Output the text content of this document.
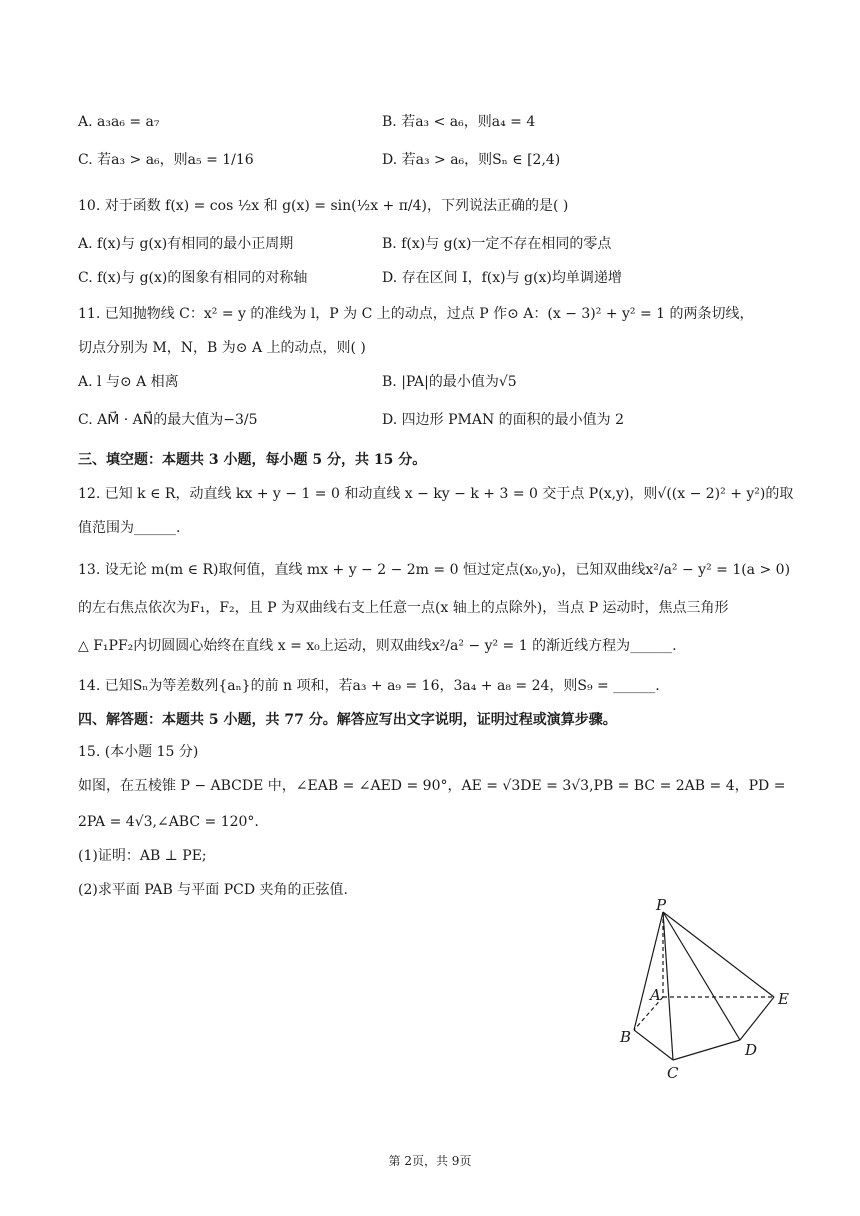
A. a₃a₆ = a₇	B. 若a₃ < a₆，则a₄ = 4
C. 若a₃ > a₆，则a₅ = 1/16	D. 若a₃ > a₆，则Sₙ ∈ [2,4)
10. 对于函数 f(x) = cos ½x 和 g(x) = sin(½x + π/4)，下列说法正确的是( )
A. f(x)与 g(x)有相同的最小正周期	B. f(x)与 g(x)一定不存在相同的零点
C. f(x)与 g(x)的图象有相同的对称轴	D. 存在区间 I，f(x)与 g(x)均单调递增
11. 已知抛物线 C：x² = y 的准线为 l，P 为 C 上的动点，过点 P 作⊙ A：(x − 3)² + y² = 1 的两条切线，
切点分别为 M，N，B 为⊙ A 上的动点，则( )
A. l 与⊙ A 相离	B. |PA|的最小值为√5
C. AM⃗ · AN⃗的最大值为−3/5	D. 四边形 PMAN 的面积的最小值为 2
三、填空题：本题共 3 小题，每小题 5 分，共 15 分。
12. 已知 k ∈ R，动直线 kx + y − 1 = 0 和动直线 x − ky − k + 3 = 0 交于点 P(x,y)，则√((x − 2)² + y²)的取
值范围为______.
13. 设无论 m(m ∈ R)取何值，直线 mx + y − 2 − 2m = 0 恒过定点(x₀,y₀)，已知双曲线x²/a² − y² = 1(a > 0)
的左右焦点依次为F₁，F₂，且 P 为双曲线右支上任意一点(x 轴上的点除外)，当点 P 运动时，焦点三角形
△ F₁PF₂内切圆圆心始终在直线 x = x₀上运动，则双曲线x²/a² − y² = 1 的渐近线方程为______.
14. 已知Sₙ为等差数列{aₙ}的前 n 项和，若a₃ + a₉ = 16，3a₄ + a₈ = 24，则S₉ = ______.
四、解答题：本题共 5 小题，共 77 分。解答应写出文字说明，证明过程或演算步骤。
15. (本小题 15 分)
如图，在五棱锥 P − ABCDE 中，∠EAB = ∠AED = 90°，AE = √3DE = 3√3,PB = BC = 2AB = 4，PD =
2PA = 4√3,∠ABC = 120°.
(1)证明：AB ⊥ PE;
(2)求平面 PAB 与平面 PCD 夹角的正弦值.
P
A
B
C
D
E
第 2页，共 9页
